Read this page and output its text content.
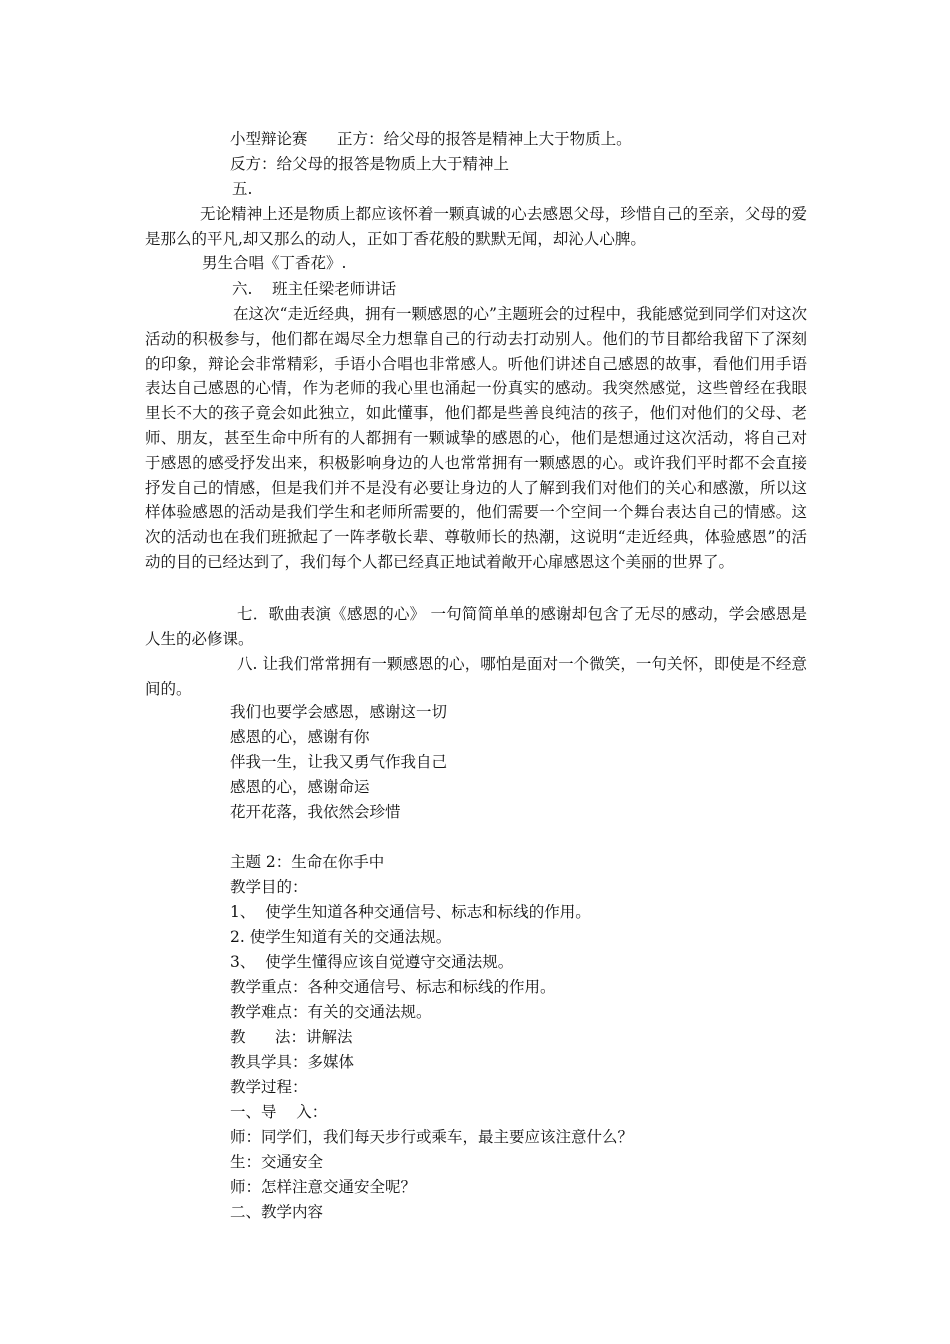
小型辩论赛      正方：给父母的报答是精神上大于物质上。

反方：给父母的报答是物质上大于精神上

五.

无论精神上还是物质上都应该怀着一颗真诚的心去感恩父母，珍惜自己的至亲，父母的爱是那么的平凡,却又那么的动人，正如丁香花般的默默无闻，却沁人心脾。

男生合唱《丁香花》.

六.    班主任梁老师讲话

在这次“走近经典，拥有一颗感恩的心”主题班会的过程中，我能感觉到同学们对这次活动的积极参与，他们都在竭尽全力想靠自己的行动去打动别人。他们的节目都给我留下了深刻的印象，辩论会非常精彩，手语小合唱也非常感人。听他们讲述自己感恩的故事，看他们用手语表达自己感恩的心情，作为老师的我心里也涌起一份真实的感动。我突然感觉，这些曾经在我眼里长不大的孩子竟会如此独立，如此懂事，他们都是些善良纯洁的孩子，他们对他们的父母、老师、朋友，甚至生命中所有的人都拥有一颗诚挚的感恩的心，他们是想通过这次活动，将自己对于感恩的感受抒发出来，积极影响身边的人也常常拥有一颗感恩的心。或许我们平时都不会直接抒发自己的情感，但是我们并不是没有必要让身边的人了解到我们对他们的关心和感激，所以这样体验感恩的活动是我们学生和老师所需要的，他们需要一个空间一个舞台表达自己的情感。这次的活动也在我们班掀起了一阵孝敬长辈、尊敬师长的热潮，这说明“走近经典，体验感恩”的活动的目的已经达到了，我们每个人都已经真正地试着敞开心扉感恩这个美丽的世界了。

七．歌曲表演《感恩的心》 一句简简单单的感谢却包含了无尽的感动，学会感恩是人生的必修课。

八. 让我们常常拥有一颗感恩的心，哪怕是面对一个微笑，一句关怀，即使是不经意间的。

我们也要学会感恩，感谢这一切

感恩的心，感谢有你

伴我一生，让我又勇气作我自己

感恩的心，感谢命运

花开花落，我依然会珍惜

主题 2：生命在你手中

教学目的：

1、  使学生知道各种交通信号、标志和标线的作用。

2. 使学生知道有关的交通法规。

3、  使学生懂得应该自觉遵守交通法规。

教学重点：各种交通信号、标志和标线的作用。

教学难点：有关的交通法规。

教      法：讲解法

教具学具：多媒体

教学过程：

一、导    入：

师：同学们，我们每天步行或乘车，最主要应该注意什么？

生：交通安全

师：怎样注意交通安全呢？

二、教学内容
